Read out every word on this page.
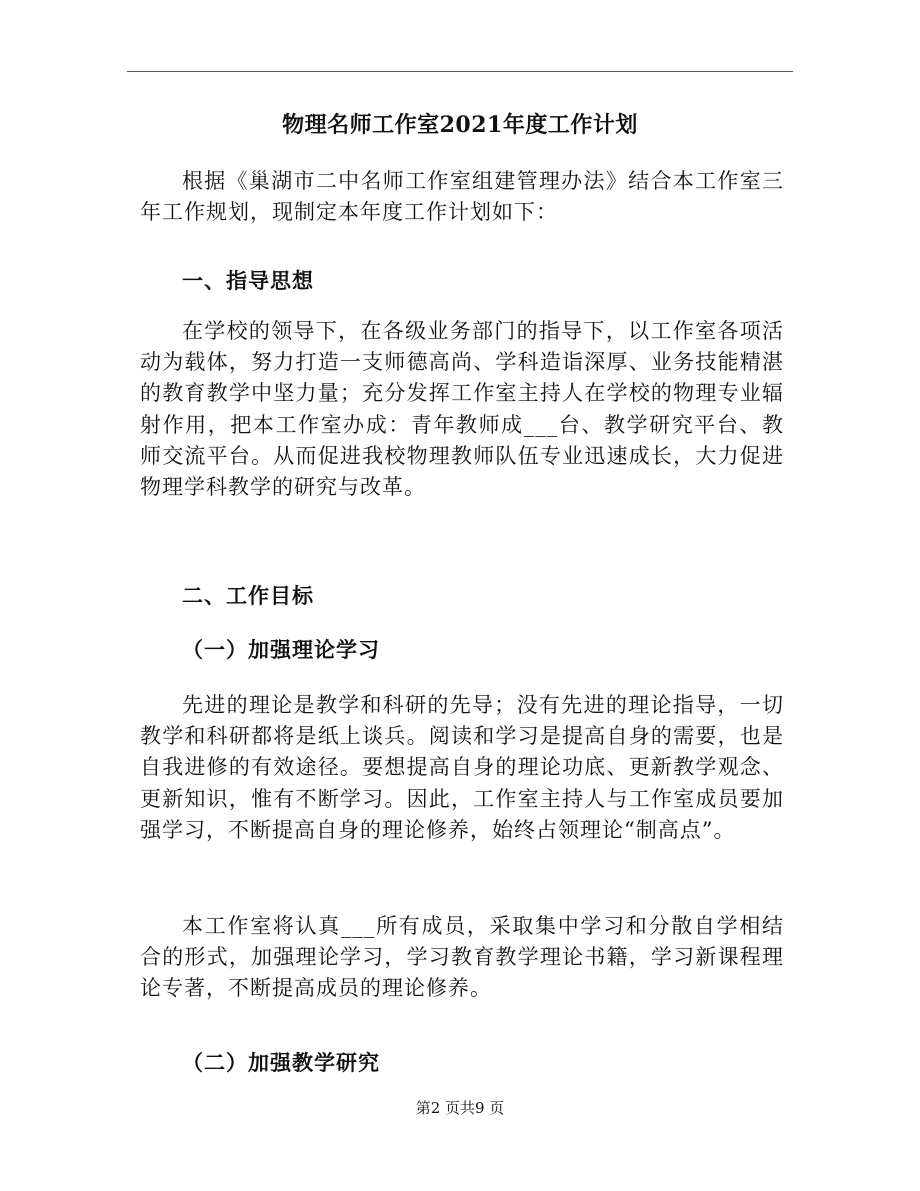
物理名师工作室2021年度工作计划
根据《巢湖市二中名师工作室组建管理办法》结合本工作室三年工作规划，现制定本年度工作计划如下：
一、指导思想
在学校的领导下，在各级业务部门的指导下，以工作室各项活动为载体，努力打造一支师德高尚、学科造诣深厚、业务技能精湛的教育教学中坚力量；充分发挥工作室主持人在学校的物理专业辐射作用，把本工作室办成：青年教师成___台、教学研究平台、教师交流平台。从而促进我校物理教师队伍专业迅速成长，大力促进物理学科教学的研究与改革。
二、工作目标
（一）加强理论学习
先进的理论是教学和科研的先导；没有先进的理论指导，一切教学和科研都将是纸上谈兵。阅读和学习是提高自身的需要，也是自我进修的有效途径。要想提高自身的理论功底、更新教学观念、更新知识，惟有不断学习。因此，工作室主持人与工作室成员要加强学习，不断提高自身的理论修养，始终占领理论“制高点”。
本工作室将认真___所有成员，采取集中学习和分散自学相结合的形式，加强理论学习，学习教育教学理论书籍，学习新课程理论专著，不断提高成员的理论修养。
（二）加强教学研究
第2 页共9 页
